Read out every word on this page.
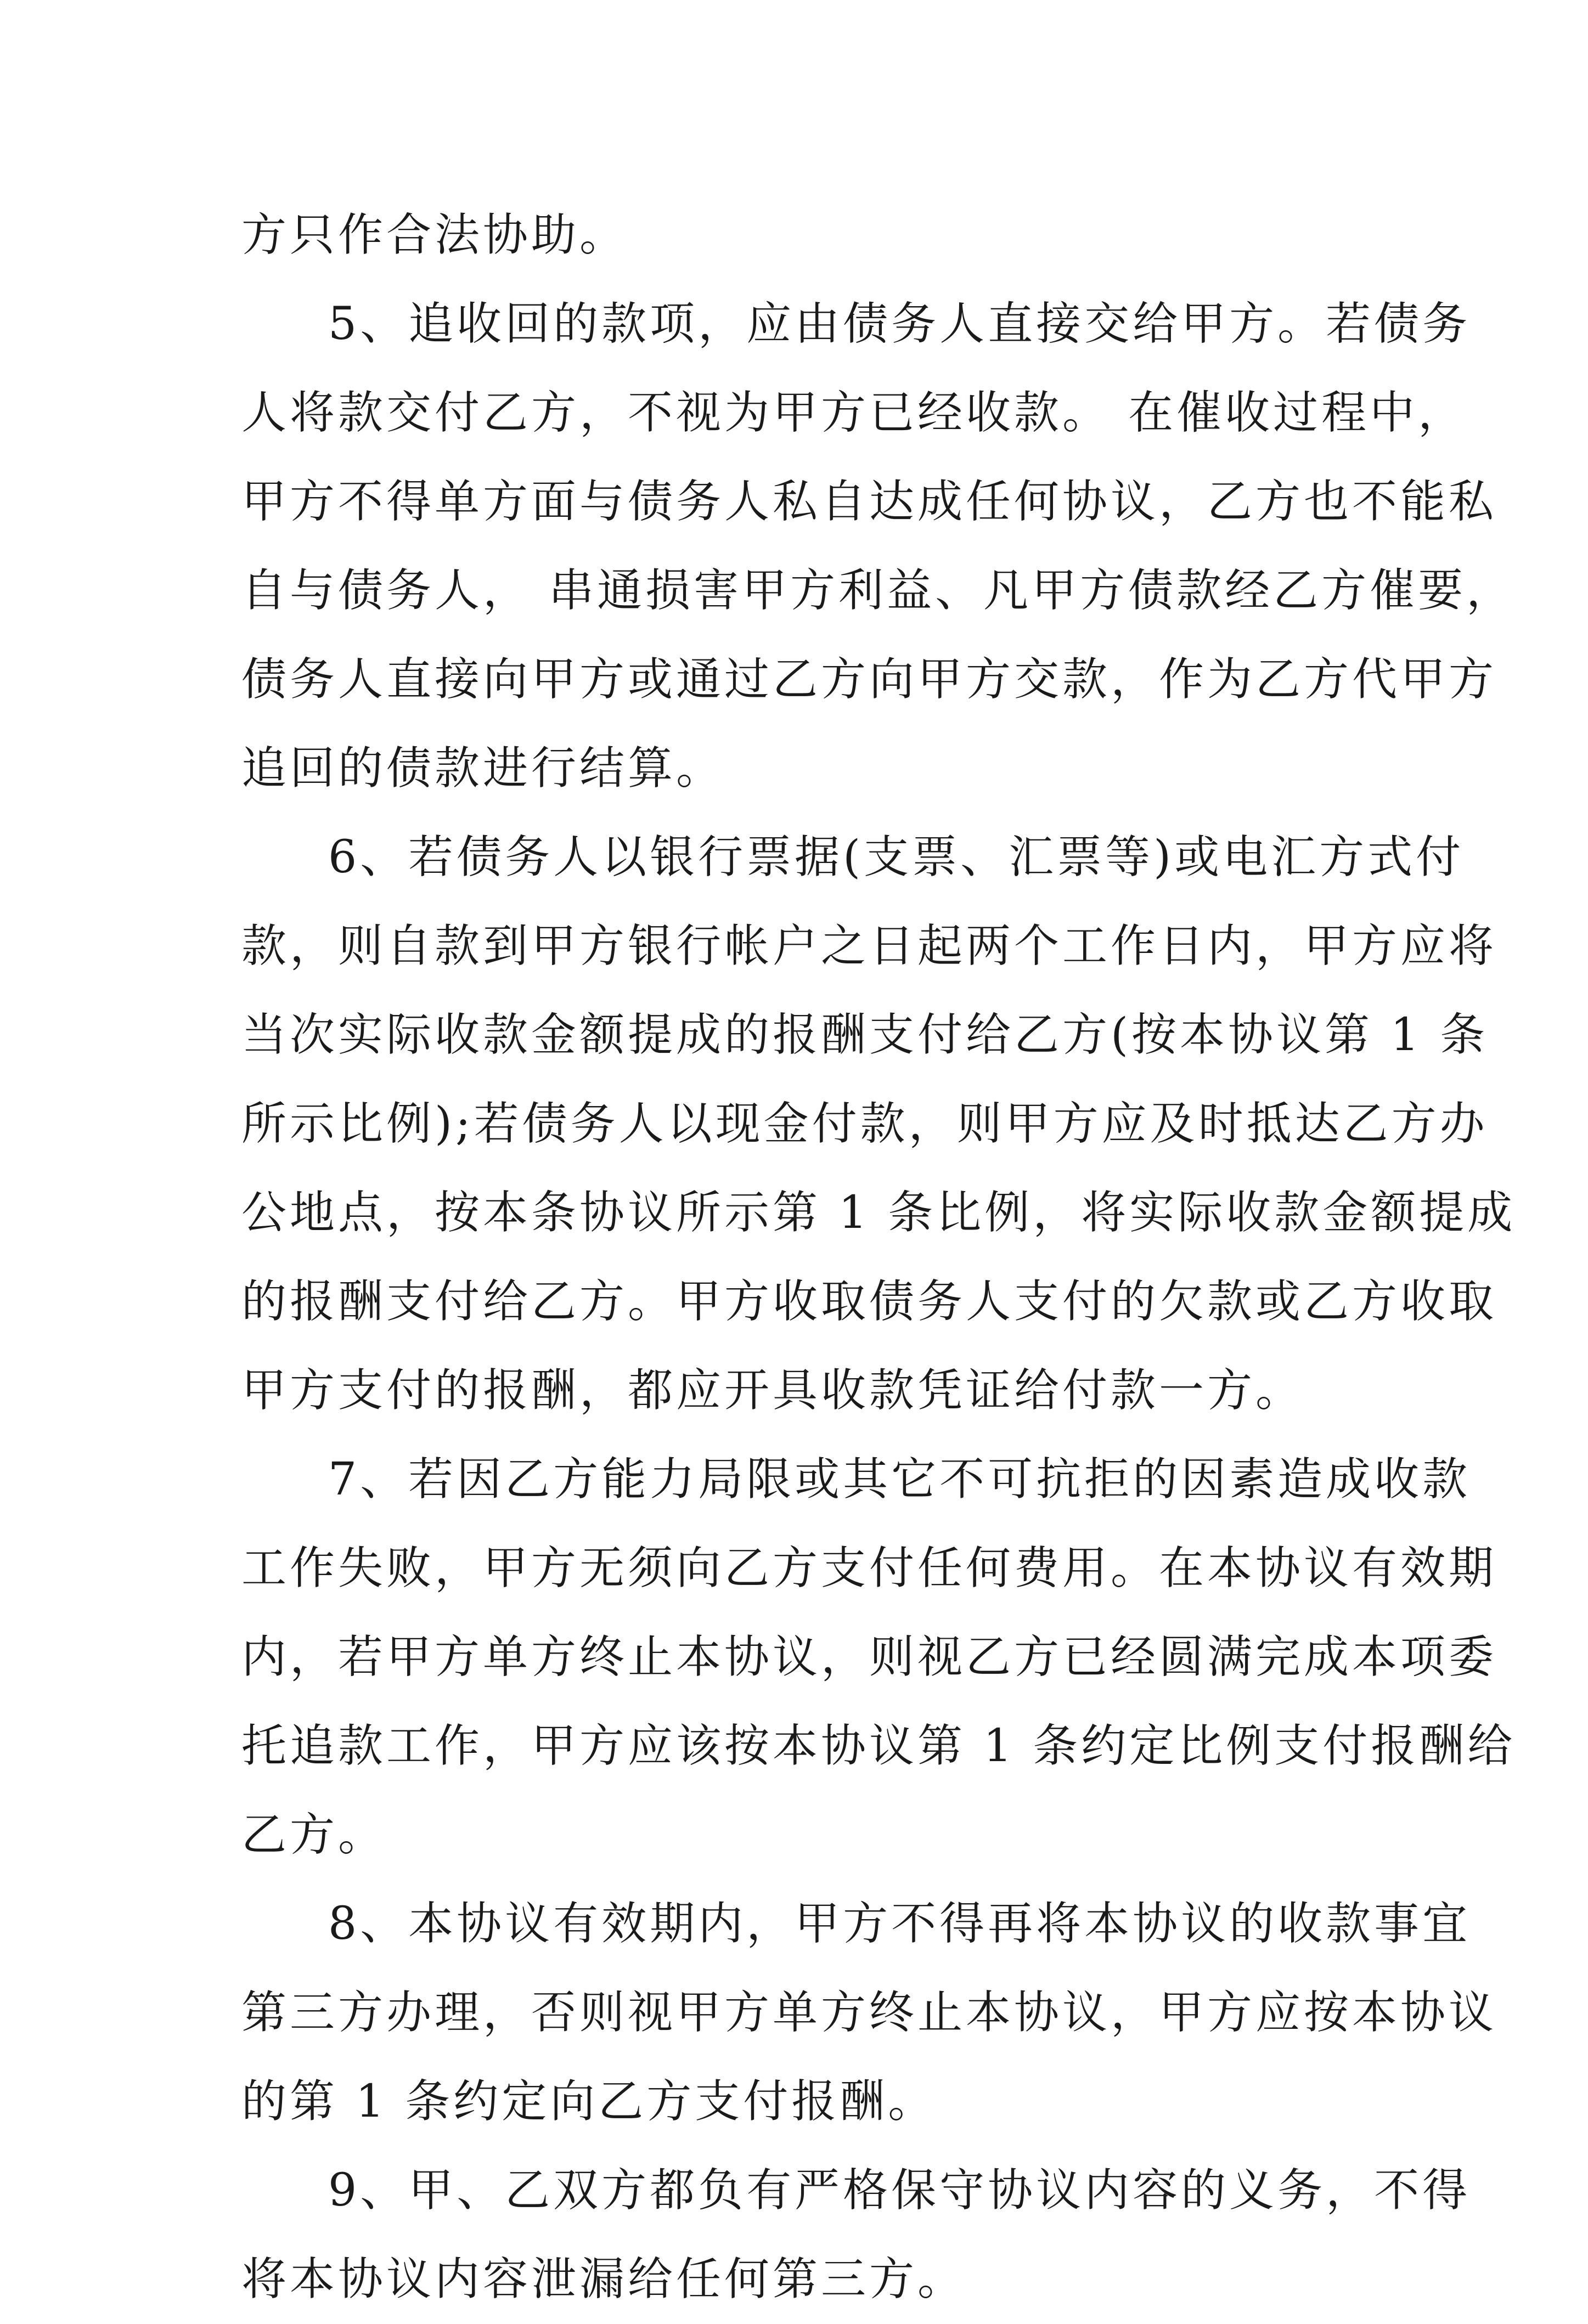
方只作合法协助。
5、追收回的款项，应由债务人直接交给甲方。若债务
人将款交付乙方，不视为甲方已经收款。 在催收过程中，
甲方不得单方面与债务人私自达成任何协议，乙方也不能私
自与债务人， 串通损害甲方利益、凡甲方债款经乙方催要，
债务人直接向甲方或通过乙方向甲方交款，作为乙方代甲方
追回的债款进行结算。
6、若债务人以银行票据(支票、汇票等)或电汇方式付
款，则自款到甲方银行帐户之日起两个工作日内，甲方应将
当次实际收款金额提成的报酬支付给乙方(按本协议第 1 条
所示比例);若债务人以现金付款，则甲方应及时抵达乙方办
公地点，按本条协议所示第 1 条比例，将实际收款金额提成
的报酬支付给乙方。甲方收取债务人支付的欠款或乙方收取
甲方支付的报酬，都应开具收款凭证给付款一方。
7、若因乙方能力局限或其它不可抗拒的因素造成收款
工作失败，甲方无须向乙方支付任何费用。在本协议有效期
内，若甲方单方终止本协议，则视乙方已经圆满完成本项委
托追款工作，甲方应该按本协议第 1 条约定比例支付报酬给
乙方。
8、本协议有效期内，甲方不得再将本协议的收款事宜
第三方办理，否则视甲方单方终止本协议，甲方应按本协议
的第 1 条约定向乙方支付报酬。
9、甲、乙双方都负有严格保守协议内容的义务，不得
将本协议内容泄漏给任何第三方。
